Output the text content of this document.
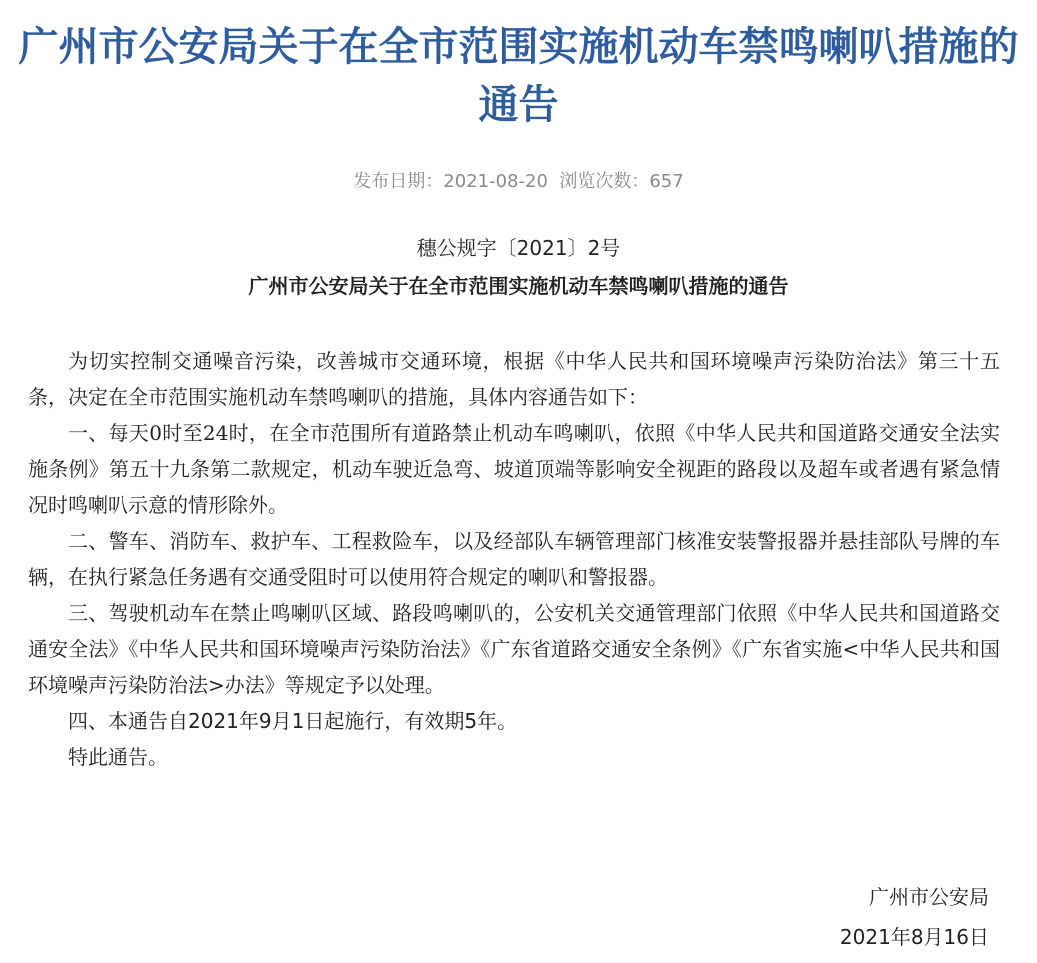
广州市公安局关于在全市范围实施机动车禁鸣喇叭措施的通告
发布日期：2021-08-20  浏览次数：657
穗公规字〔2021〕2号
广州市公安局关于在全市范围实施机动车禁鸣喇叭措施的通告

为切实控制交通噪音污染，改善城市交通环境，根据《中华人民共和国环境噪声污染防治法》第三十五条，决定在全市范围实施机动车禁鸣喇叭的措施，具体内容通告如下：

一、每天0时至24时，在全市范围所有道路禁止机动车鸣喇叭，依照《中华人民共和国道路交通安全法实施条例》第五十九条第二款规定，机动车驶近急弯、坡道顶端等影响安全视距的路段以及超车或者遇有紧急情况时鸣喇叭示意的情形除外。

二、警车、消防车、救护车、工程救险车，以及经部队车辆管理部门核准安装警报器并悬挂部队号牌的车辆，在执行紧急任务遇有交通受阻时可以使用符合规定的喇叭和警报器。

三、驾驶机动车在禁止鸣喇叭区域、路段鸣喇叭的，公安机关交通管理部门依照《中华人民共和国道路交通安全法》《中华人民共和国环境噪声污染防治法》《广东省道路交通安全条例》《广东省实施<中华人民共和国环境噪声污染防治法>办法》等规定予以处理。

四、本通告自2021年9月1日起施行，有效期5年。

特此通告。

广州市公安局
2021年8月16日
